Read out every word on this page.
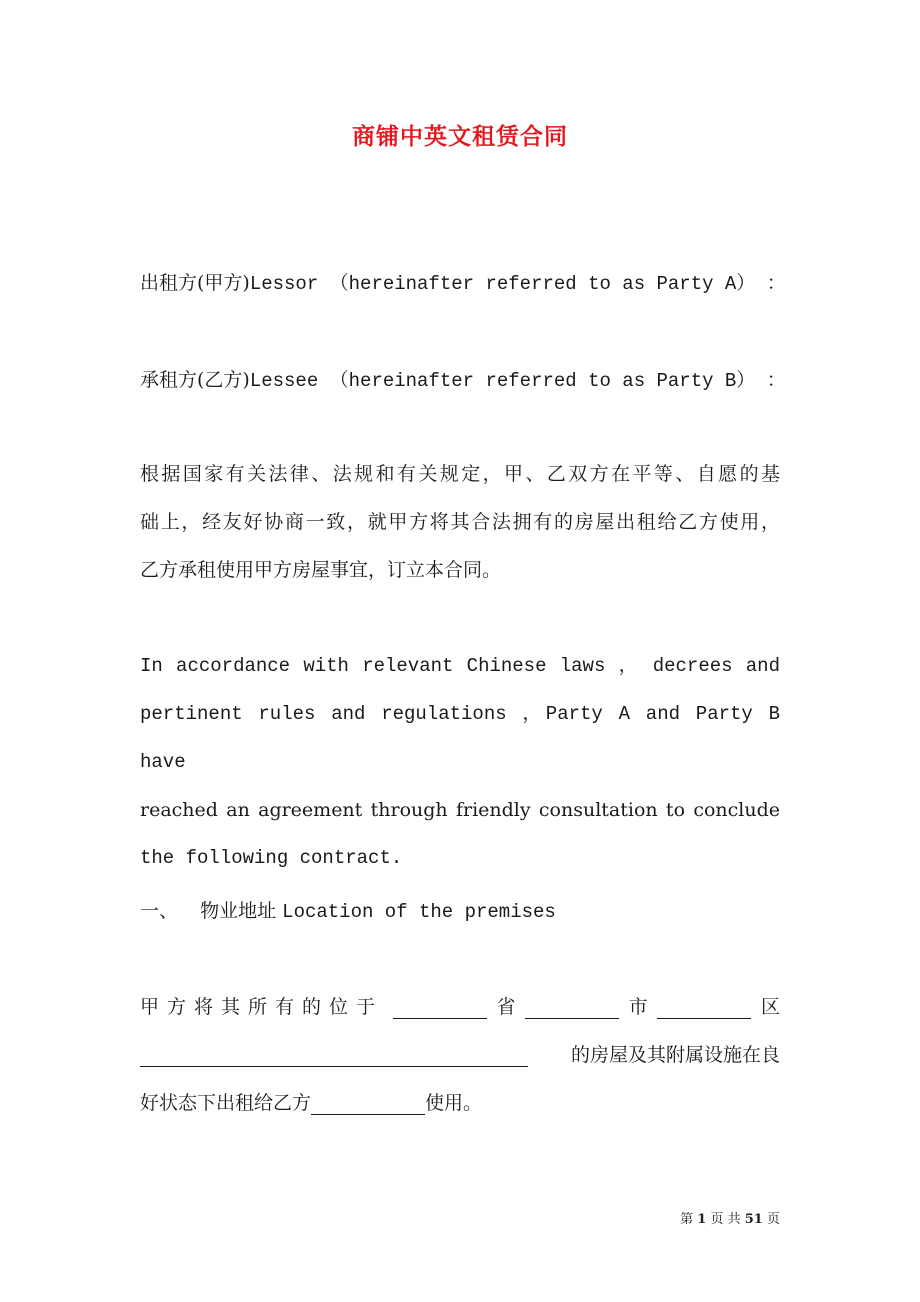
商铺中英文租赁合同
出租方(甲方)Lessor （hereinafter referred to as Party A） ：
承租方(乙方)Lessee （hereinafter referred to as Party B） ：
根据国家有关法律、法规和有关规定，甲、乙双方在平等、自愿的基
础上，经友好协商一致，就甲方将其合法拥有的房屋出租给乙方使用，
乙方承租使用甲方房屋事宜，订立本合同。
In accordance with relevant Chinese laws ， decrees and
pertinent rules and regulations ，Party A and Party B have
reached an agreement through friendly consultation to conclude
the following contract.
一、 物业地址 Location of the premises
甲方将其所有的位于	省	市	区
的房屋及其附属设施在良
好状态下出租给乙方	使用。
第 1 页 共 51 页
